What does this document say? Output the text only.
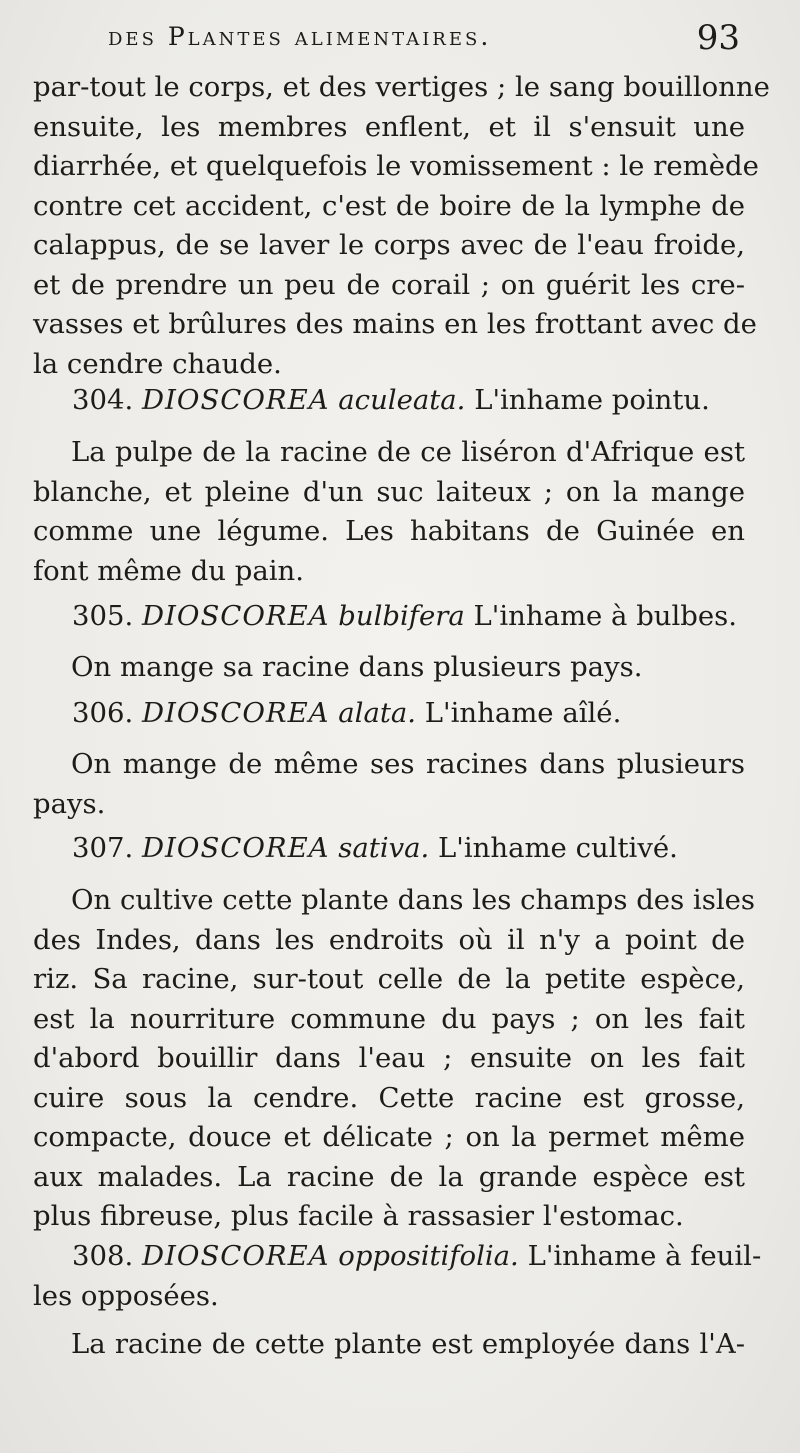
des Plantes alimentaires.	93
par-tout le corps, et des vertiges ; le sang bouillonne
ensuite, les membres enflent, et il s'ensuit une
diarrhée, et quelquefois le vomissement : le remède
contre cet accident, c'est de boire de la lymphe de
calappus, de se laver le corps avec de l'eau froide,
et de prendre un peu de corail ; on guérit les cre-
vasses et brûlures des mains en les frottant avec de
la cendre chaude.
304. DIOSCOREA aculeata. L'inhame pointu.
La pulpe de la racine de ce liséron d'Afrique est
blanche, et pleine d'un suc laiteux ; on la mange
comme une légume. Les habitans de Guinée en
font même du pain.
305. DIOSCOREA bulbifera L'inhame à bulbes.
On mange sa racine dans plusieurs pays.
306. DIOSCOREA alata. L'inhame aîlé.
On mange de même ses racines dans plusieurs
pays.
307. DIOSCOREA sativa. L'inhame cultivé.
On cultive cette plante dans les champs des isles
des Indes, dans les endroits où il n'y a point de
riz. Sa racine, sur-tout celle de la petite espèce,
est la nourriture commune du pays ; on les fait
d'abord bouillir dans l'eau ; ensuite on les fait
cuire sous la cendre. Cette racine est grosse,
compacte, douce et délicate ; on la permet même
aux malades. La racine de la grande espèce est
plus fibreuse, plus facile à rassasier l'estomac.
308. DIOSCOREA oppositifolia. L'inhame à feuil-
les opposées.
La racine de cette plante est employée dans l'A-
